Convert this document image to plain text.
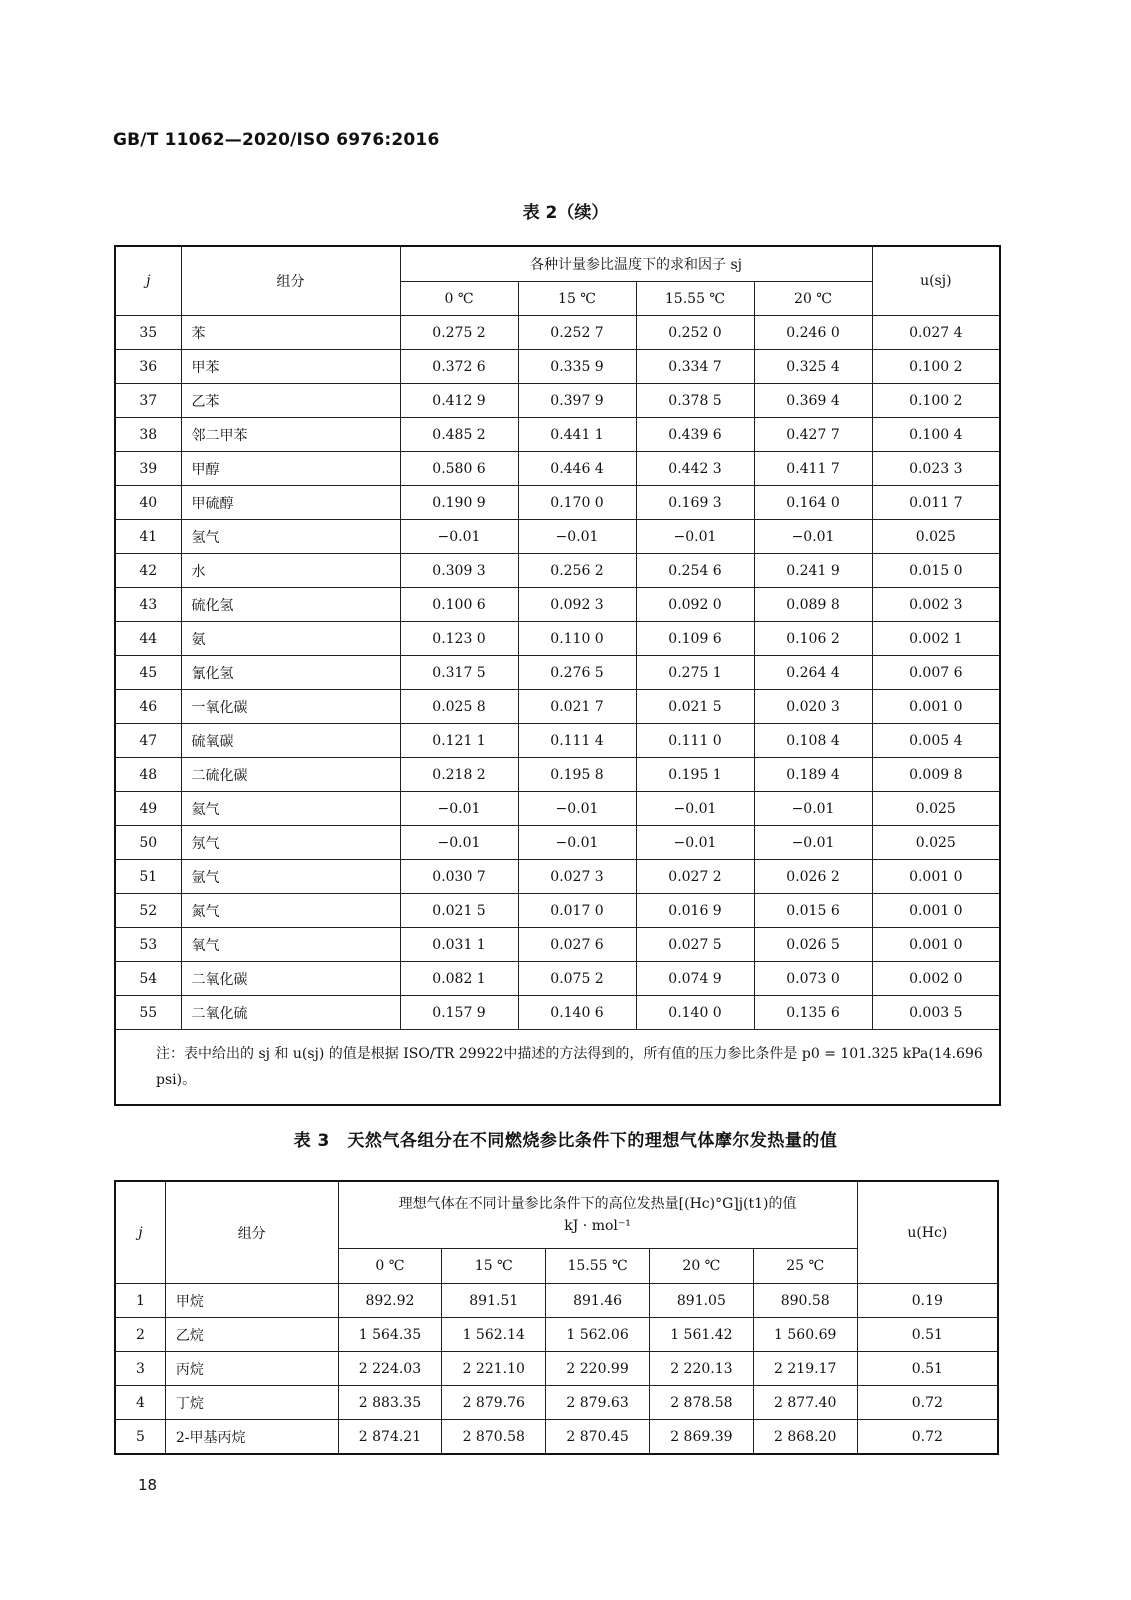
GB/T 11062—2020/ISO 6976:2016
表 2（续）
j	组分	各种计量参比温度下的求和因子 sj				u(sj)
		0 ℃	15 ℃	15.55 ℃	20 ℃	
35	苯	0.275 2	0.252 7	0.252 0	0.246 0	0.027 4
36	甲苯	0.372 6	0.335 9	0.334 7	0.325 4	0.100 2
37	乙苯	0.412 9	0.397 9	0.378 5	0.369 4	0.100 2
38	邻二甲苯	0.485 2	0.441 1	0.439 6	0.427 7	0.100 4
39	甲醇	0.580 6	0.446 4	0.442 3	0.411 7	0.023 3
40	甲硫醇	0.190 9	0.170 0	0.169 3	0.164 0	0.011 7
41	氢气	−0.01	−0.01	−0.01	−0.01	0.025
42	水	0.309 3	0.256 2	0.254 6	0.241 9	0.015 0
43	硫化氢	0.100 6	0.092 3	0.092 0	0.089 8	0.002 3
44	氨	0.123 0	0.110 0	0.109 6	0.106 2	0.002 1
45	氰化氢	0.317 5	0.276 5	0.275 1	0.264 4	0.007 6
46	一氧化碳	0.025 8	0.021 7	0.021 5	0.020 3	0.001 0
47	硫氧碳	0.121 1	0.111 4	0.111 0	0.108 4	0.005 4
48	二硫化碳	0.218 2	0.195 8	0.195 1	0.189 4	0.009 8
49	氦气	−0.01	−0.01	−0.01	−0.01	0.025
50	氖气	−0.01	−0.01	−0.01	−0.01	0.025
51	氩气	0.030 7	0.027 3	0.027 2	0.026 2	0.001 0
52	氮气	0.021 5	0.017 0	0.016 9	0.015 6	0.001 0
53	氧气	0.031 1	0.027 6	0.027 5	0.026 5	0.001 0
54	二氧化碳	0.082 1	0.075 2	0.074 9	0.073 0	0.002 0
55	二氧化硫	0.157 9	0.140 6	0.140 0	0.135 6	0.003 5
注：表中给出的 sj 和 u(sj) 的值是根据 ISO/TR 29922中描述的方法得到的，所有值的压力参比条件是 p0 = 101.325 kPa(14.696 psi)。						
表 3　天然气各组分在不同燃烧参比条件下的理想气体摩尔发热量的值
j	组分	理想气体在不同计量参比条件下的高位发热量[(Hc)°G]j(t1)的值
kJ · mol⁻¹					u(Hc)
		0 ℃	15 ℃	15.55 ℃	20 ℃	25 ℃	
1	甲烷	892.92	891.51	891.46	891.05	890.58	0.19
2	乙烷	1 564.35	1 562.14	1 562.06	1 561.42	1 560.69	0.51
3	丙烷	2 224.03	2 221.10	2 220.99	2 220.13	2 219.17	0.51
4	丁烷	2 883.35	2 879.76	2 879.63	2 878.58	2 877.40	0.72
5	2-甲基丙烷	2 874.21	2 870.58	2 870.45	2 869.39	2 868.20	0.72
18
